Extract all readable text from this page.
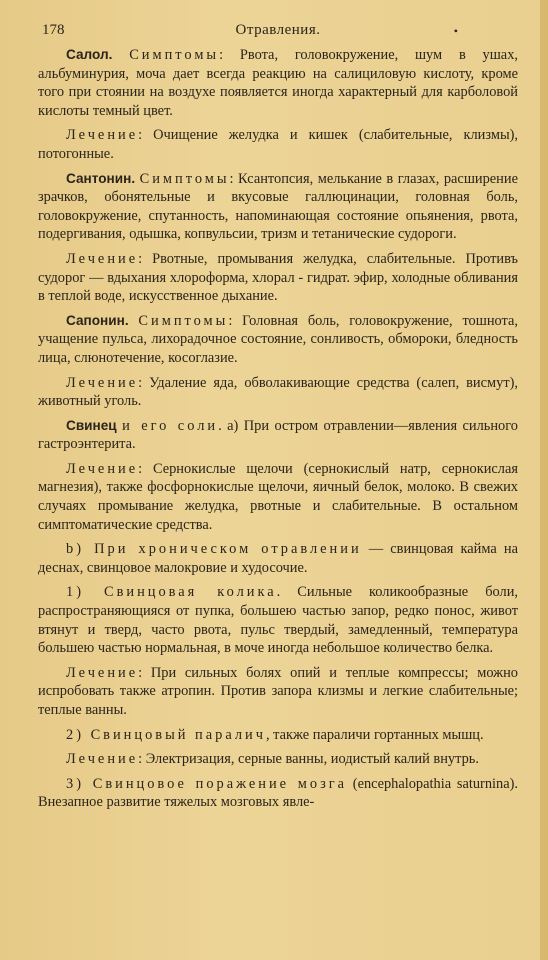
178	Отравления.	•

Салол. Симптомы: Рвота, головокружение, шум в ушах, альбуминурия, моча дает всегда реакцию на салициловую кислоту, кроме того при стоянии на воздухе появляется иногда характерный для карболовой кислоты темный цвет.

Лечение: Очищение желудка и кишек (слабительные, клизмы), потогонные.

Сантонин. Симптомы: Ксантопсия, мелькание в глазах, расширение зрачков, обонятельные и вкусовые галлюцинации, головная боль, головокружение, спутанность, напоминающая состояние опьянения, рвота, подергивания, одышка, копвульсии, тризм и тетанические судороги.

Лечение: Рвотные, промывания желудка, слабительные. Противъ судорог — вдыхания хлороформа, хлорал - гидрат. эфир, холодные обливания в теплой воде, искусственное дыхание.

Сапонин. Симптомы: Головная боль, головокружение, тошнота, учащение пульса, лихорадочное состояние, сонливость, обмороки, бледность лица, слюнотечение, косоглазие.

Лечение: Удаление яда, обволакивающие средства (салеп, висмут), животный уголь.

Свинец и его соли. а) При остром отравлении—явления сильного гастроэнтерита.

Лечение: Сернокислые щелочи (сернокислый натр, сернокислая магнезия), также фосфорнокислые щелочи, яичный белок, молоко. В свежих случаях промывание желудка, рвотные и слабительные. В остальном симптоматические средства.

b) При хроническом отравлении — свинцовая кайма на деснах, свинцовое малокровие и худосочие.

1) Свинцовая колика. Сильные коликообразные боли, распространяющияся от пупка, большею частью запор, редко понос, живот втянут и тверд, часто рвота, пульс твердый, замедленный, температура большею частью нормальная, в моче иногда небольшое количество белка.

Лечение: При сильных болях опий и теплые компрессы; можно испробовать также атропин. Против запора клизмы и легкие слабительные; теплые ванны.

2) Свинцовый паралич, также параличи гортанных мышц.

Лечение: Электризация, серные ванны, иодистый калий внутрь.

3) Свинцовое поражение мозга (encephalopathia saturnina). Внезапное развитие тяжелых мозговых явле-
